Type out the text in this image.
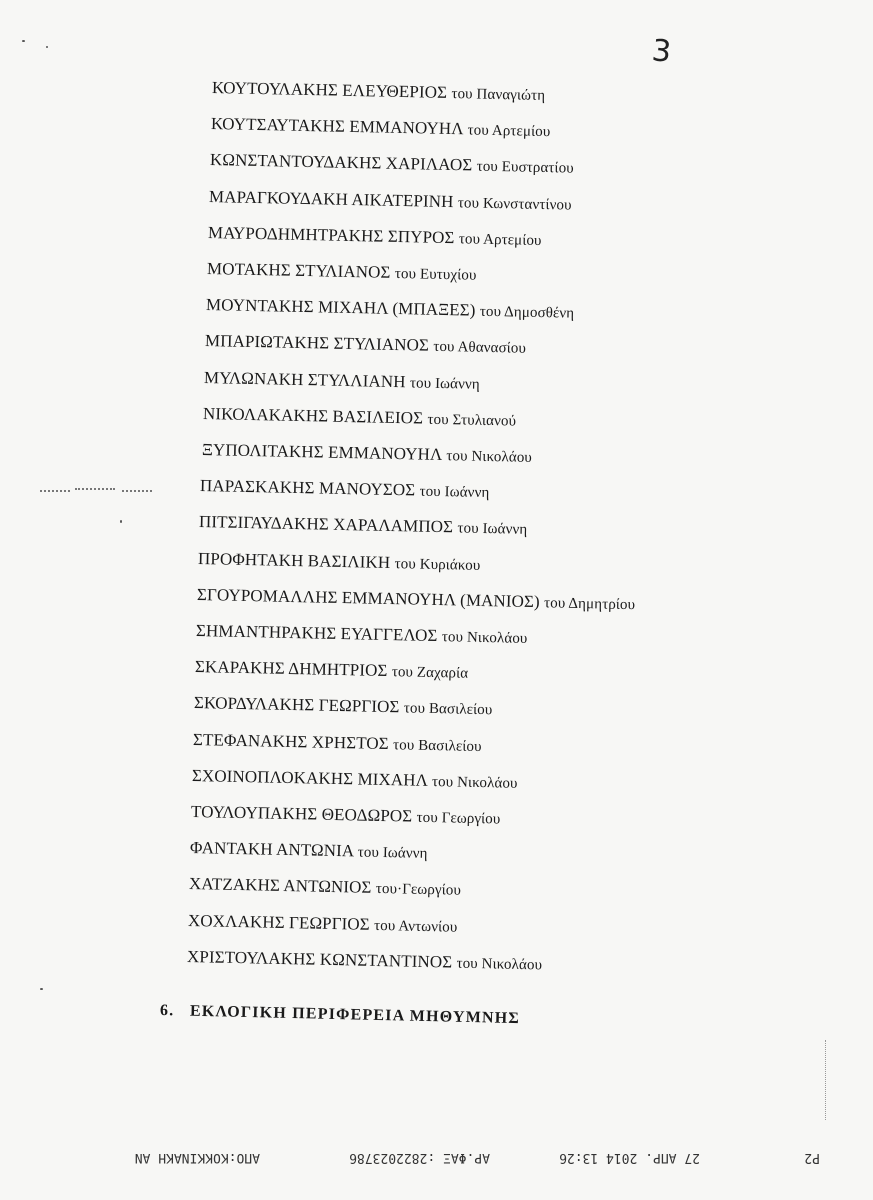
3
ΚΟΥΤΟΥΛΑΚΗΣ ΕΛΕΥΘΕΡΙΟΣ του Παναγιώτη
ΚΟΥΤΣΑΥΤΑΚΗΣ ΕΜΜΑΝΟΥΗΛ του Αρτεμίου
ΚΩΝΣΤΑΝΤΟΥΔΑΚΗΣ ΧΑΡΙΛΑΟΣ του Ευστρατίου
ΜΑΡΑΓΚΟΥΔΑΚΗ ΑΙΚΑΤΕΡΙΝΗ του Κωνσταντίνου
ΜΑΥΡΟΔΗΜΗΤΡΑΚΗΣ ΣΠΥΡΟΣ του Αρτεμίου
ΜΟΤΑΚΗΣ ΣΤΥΛΙΑΝΟΣ του Ευτυχίου
ΜΟΥΝΤΑΚΗΣ ΜΙΧΑΗΛ (ΜΠΑΞΕΣ) του Δημοσθένη
ΜΠΑΡΙΩΤΑΚΗΣ ΣΤΥΛΙΑΝΟΣ του Αθανασίου
ΜΥΛΩΝΑΚΗ ΣΤΥΛΛΙΑΝΗ του Ιωάννη
ΝΙΚΟΛΑΚΑΚΗΣ ΒΑΣΙΛΕΙΟΣ του Στυλιανού
ΞΥΠΟΛΙΤΑΚΗΣ ΕΜΜΑΝΟΥΗΛ του Νικολάου
ΠΑΡΑΣΚΑΚΗΣ ΜΑΝΟΥΣΟΣ του Ιωάννη
ΠΙΤΣΙΓΑΥΔΑΚΗΣ ΧΑΡΑΛΑΜΠΟΣ του Ιωάννη
ΠΡΟΦΗΤΑΚΗ ΒΑΣΙΛΙΚΗ του Κυριάκου
ΣΓΟΥΡΟΜΑΛΛΗΣ ΕΜΜΑΝΟΥΗΛ (ΜΑΝΙΟΣ) του Δημητρίου
ΣΗΜΑΝΤΗΡΑΚΗΣ ΕΥΑΓΓΕΛΟΣ του Νικολάου
ΣΚΑΡΑΚΗΣ ΔΗΜΗΤΡΙΟΣ του Ζαχαρία
ΣΚΟΡΔΥΛΑΚΗΣ ΓΕΩΡΓΙΟΣ του Βασιλείου
ΣΤΕΦΑΝΑΚΗΣ ΧΡΗΣΤΟΣ του Βασιλείου
ΣΧΟΙΝΟΠΛΟΚΑΚΗΣ ΜΙΧΑΗΛ του Νικολάου
ΤΟΥΛΟΥΠΑΚΗΣ ΘΕΟΔΩΡΟΣ του Γεωργίου
ΦΑΝΤΑΚΗ ΑΝΤΩΝΙΑ του Ιωάννη
ΧΑΤΖΑΚΗΣ ΑΝΤΩΝΙΟΣ του·Γεωργίου
ΧΟΧΛΑΚΗΣ ΓΕΩΡΓΙΟΣ του Αντωνίου
ΧΡΙΣΤΟΥΛΑΚΗΣ ΚΩΝΣΤΑΝΤΙΝΟΣ του Νικολάου
6. ΕΚΛΟΓΙΚΗ ΠΕΡΙΦΕΡΕΙΑ ΜΗΘΥΜΝΗΣ
ΑΠΟ:ΚΟΚΚΙΝΑΚΗ ΑΝ	ΑΡ.ΦΑΞ :2822023786	27 ΑΠΡ. 2014 13:26	P2
